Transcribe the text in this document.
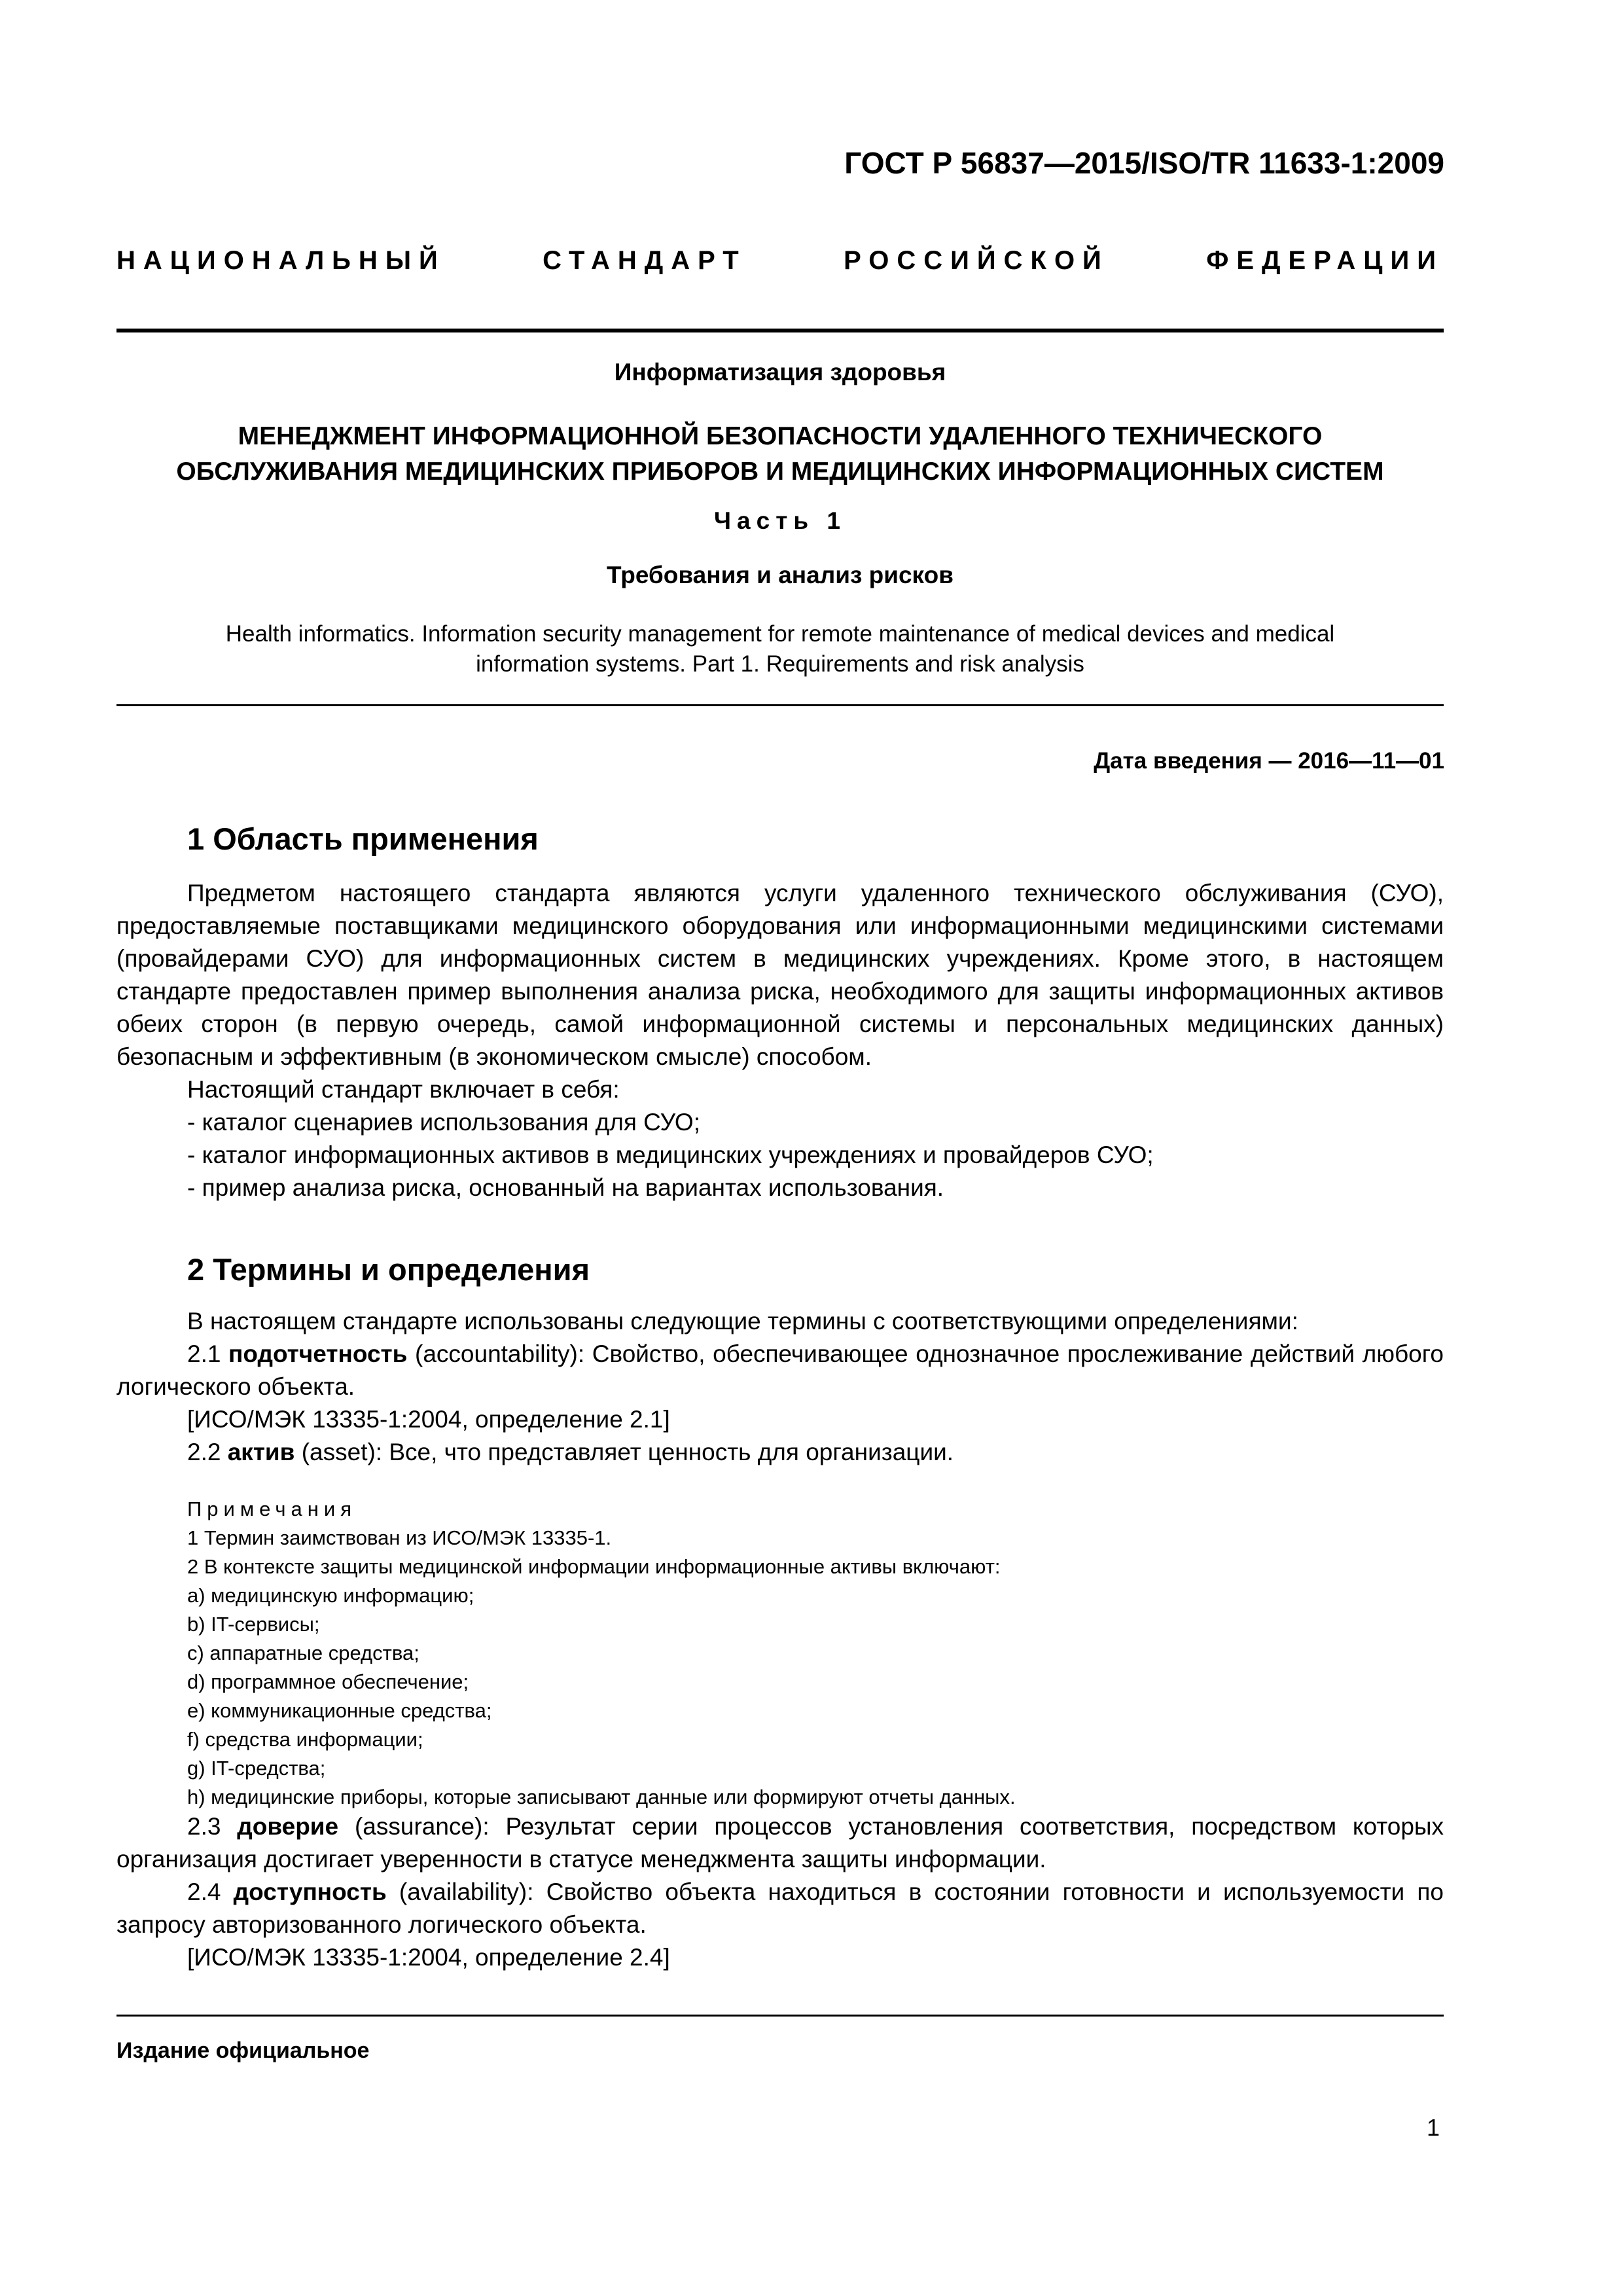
ГОСТ Р 56837—2015/ISO/TR 11633-1:2009
НАЦИОНАЛЬНЫЙ СТАНДАРТ РОССИЙСКОЙ ФЕДЕРАЦИИ
Информатизация здоровья
МЕНЕДЖМЕНТ ИНФОРМАЦИОННОЙ БЕЗОПАСНОСТИ УДАЛЕННОГО ТЕХНИЧЕСКОГО
ОБСЛУЖИВАНИЯ МЕДИЦИНСКИХ ПРИБОРОВ И МЕДИЦИНСКИХ ИНФОРМАЦИОННЫХ СИСТЕМ
Часть 1
Требования и анализ рисков
Health informatics. Information security management for remote maintenance of medical devices and medical
information systems. Part 1. Requirements and risk analysis
Дата введения — 2016—11—01
1 Область применения

Предметом настоящего стандарта являются услуги удаленного технического обслуживания (СУО), предоставляемые поставщиками медицинского оборудования или информационными медицинскими системами (провайдерами СУО) для информационных систем в медицинских учреждениях. Кроме этого, в настоящем стандарте предоставлен пример выполнения анализа риска, необходимого для защиты информационных активов обеих сторон (в первую очередь, самой информационной системы и персональных медицинских данных) безопасным и эффективным (в экономическом смысле) способом.

Настоящий стандарт включает в себя:

- каталог сценариев использования для СУО;

- каталог информационных активов в медицинских учреждениях и провайдеров СУО;

- пример анализа риска, основанный на вариантах использования.

2 Термины и определения

В настоящем стандарте использованы следующие термины с соответствующими определениями:

2.1 подотчетность (accountability): Свойство, обеспечивающее однозначное прослеживание действий любого логического объекта.

[ИСО/МЭК 13335-1:2004, определение 2.1]

2.2 актив (asset): Все, что представляет ценность для организации.

Примечания

1 Термин заимствован из ИСО/МЭК 13335-1.

2 В контексте защиты медицинской информации информационные активы включают:

a) медицинскую информацию;

b) IT-сервисы;

c) аппаратные средства;

d) программное обеспечение;

e) коммуникационные средства;

f) средства информации;

g) IT-средства;

h) медицинские приборы, которые записывают данные или формируют отчеты данных.

2.3 доверие (assurance): Результат серии процессов установления соответствия, посредством которых организация достигает уверенности в статусе менеджмента защиты информации.

2.4 доступность (availability): Свойство объекта находиться в состоянии готовности и используемости по запросу авторизованного логического объекта.

[ИСО/МЭК 13335-1:2004, определение 2.4]

Издание официальное
1
